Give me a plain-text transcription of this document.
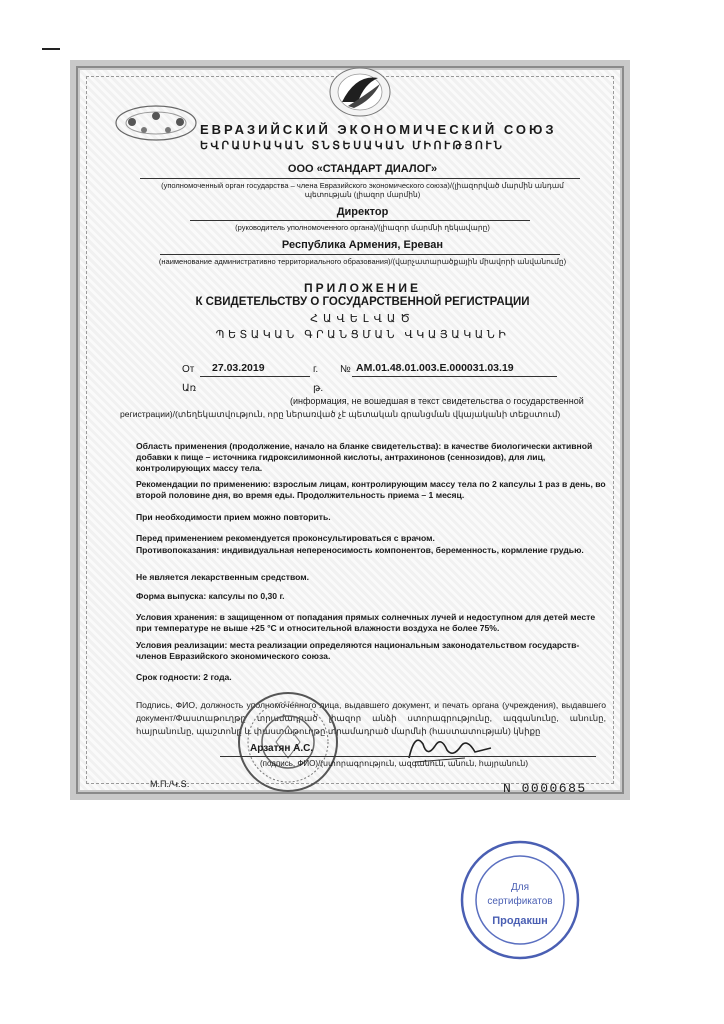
ЕВРАЗИЙСКИЙ ЭКОНОМИЧЕСКИЙ СОЮЗ
ԵՎՐԱՍԻԱԿԱՆ ՏՆՏԵՍԱԿԱՆ ՄԻՈՒԹՅՈՒՆ
ООО «СТАНДАРТ ДИАЛОГ»
(уполномоченный орган государства – члена Евразийского экономического союза)/(լիազորված մարմին անդամ
պետության (լիազոր մարմին)
Директор
(руководитель уполномоченного органа)/(լիազոր մարմնի ղեկավարը)
Республика Армения, Ереван
(наименование административно территориального образования)/(վարչատարածքային միավորի անվանումը)
ПРИЛОЖЕНИЕ
К СВИДЕТЕЛЬСТВУ О ГОСУДАРСТВЕННОЙ РЕГИСТРАЦИИ
ՀԱՎԵԼՎԱԾ
ՊԵՏԱԿԱՆ ԳՐԱՆՑՄԱՆ ՎԿԱՅԱԿԱՆԻ
От 27.03.2019	г. № АМ.01.48.01.003.Е.000031.03.19
Առ	թ.
(информация, не вошедшая в текст свидетельства о государственной
регистрации)/(տեղեկատվություն, որը ներառված չէ պետական գրանցման վկայականի տեքստում)
Область применения (продолжение, начало на бланке свидетельства): в качестве биологически активной добавки к пище – источника гидроксилимонной кислоты, антрахинонов (сеннозидов), для лиц, контролирующих массу тела.
Рекомендации по применению: взрослым лицам, контролирующим массу тела по 2 капсулы 1 раз в день, во второй половине дня, во время еды. Продолжительность приема – 1 месяц.
При необходимости прием можно повторить.
Перед применением рекомендуется проконсультироваться с врачом.
Противопоказания: индивидуальная непереносимость компонентов, беременность, кормление грудью.
Не является лекарственным средством.
Форма выпуска: капсулы по 0,30 г.
Условия хранения: в защищенном от попадания прямых солнечных лучей и недоступном для детей месте при температуре не выше +25 °С и относительной влажности воздуха не более 75%.
Условия реализации: места реализации определяются национальным законодательством государств-членов Евразийского экономического союза.
Срок годности: 2 года.
Подпись, ФИО, должность уполномоченного лица, выдавшего документ, и печать органа (учреждения), выдавшего документ/Փաստաթուղթը տրամադրած լիազոր անձի ստորագրությունը, ազգանունը, անունը, հայրանունը, պաշտոնը և փաստաթուղթը տրամադրած մարմնի (հաստատության) կնիքը
Арзатян А.С.
(подпись, ФИО)/(ստորագրություն, ազգանուն, անուն, հայրանուն)
М.П./Կ.Տ.	N 0000685
Для
сертификатов
Продакшн
